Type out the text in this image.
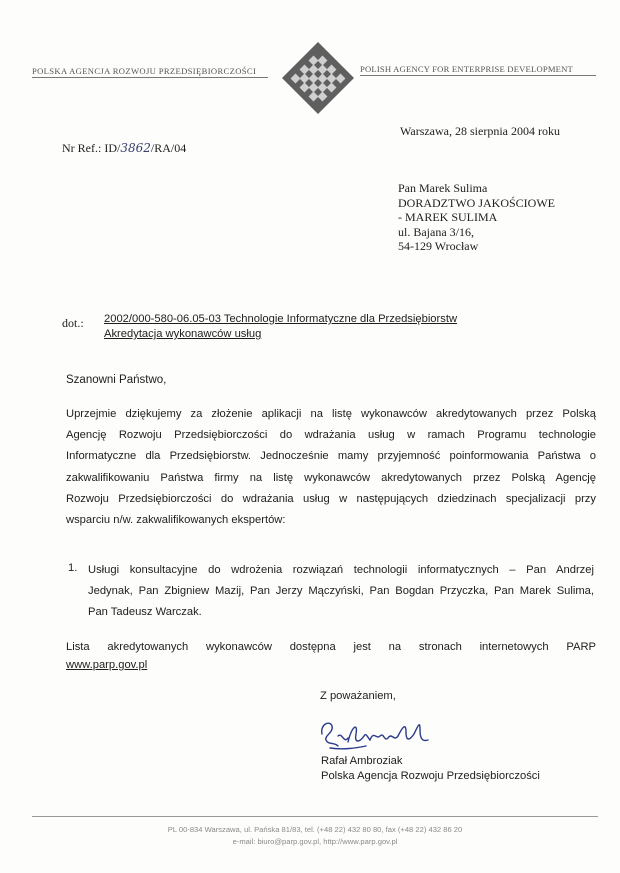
POLSKA AGENCJA ROZWOJU PRZEDSIĘBIORCZOŚCI	POLISH AGENCY FOR ENTERPRISE DEVELOPMENT
Warszawa, 28 sierpnia 2004 roku
Nr Ref.: ID/3862/RA/04
Pan Marek Sulima
DORADZTWO JAKOŚCIOWE
- MAREK SULIMA
ul. Bajana 3/16,
54-129 Wrocław
dot.: 2002/000-580-06.05-03 Technologie Informatyczne dla Przedsiębiorstw
Akredytacja wykonawców usług
Szanowni Państwo,
Uprzejmie dziękujemy za złożenie aplikacji na listę wykonawców akredytowanych przez Polską
Agencję Rozwoju Przedsiębiorczości do wdrażania usług w ramach Programu technologie
Informatyczne dla Przedsiębiorstw. Jednocześnie mamy przyjemność poinformowania Państwa o
zakwalifikowaniu Państwa firmy na listę wykonawców akredytowanych przez Polską Agencję
Rozwoju Przedsiębiorczości do wdrażania usług w następujących dziedzinach specjalizacji przy
wsparciu n/w. zakwalifikowanych ekspertów:
1. Usługi konsultacyjne do wdrożenia rozwiązań technologii informatycznych – Pan Andrzej
Jedynak, Pan Zbigniew Mazij, Pan Jerzy Mączyński, Pan Bogdan Przyczka, Pan Marek Sulima,
Pan Tadeusz Warczak.
Lista akredytowanych wykonawców dostępna jest na stronach internetowych PARP
www.parp.gov.pl
Z poważaniem,
Rafał Ambroziak
Polska Agencja Rozwoju Przedsiębiorczości
PL 00-834 Warszawa, ul. Pańska 81/83, tel. (+48 22) 432 80 80, fax (+48 22) 432 86 20
e-mail: biuro@parp.gov.pl, http://www.parp.gov.pl
